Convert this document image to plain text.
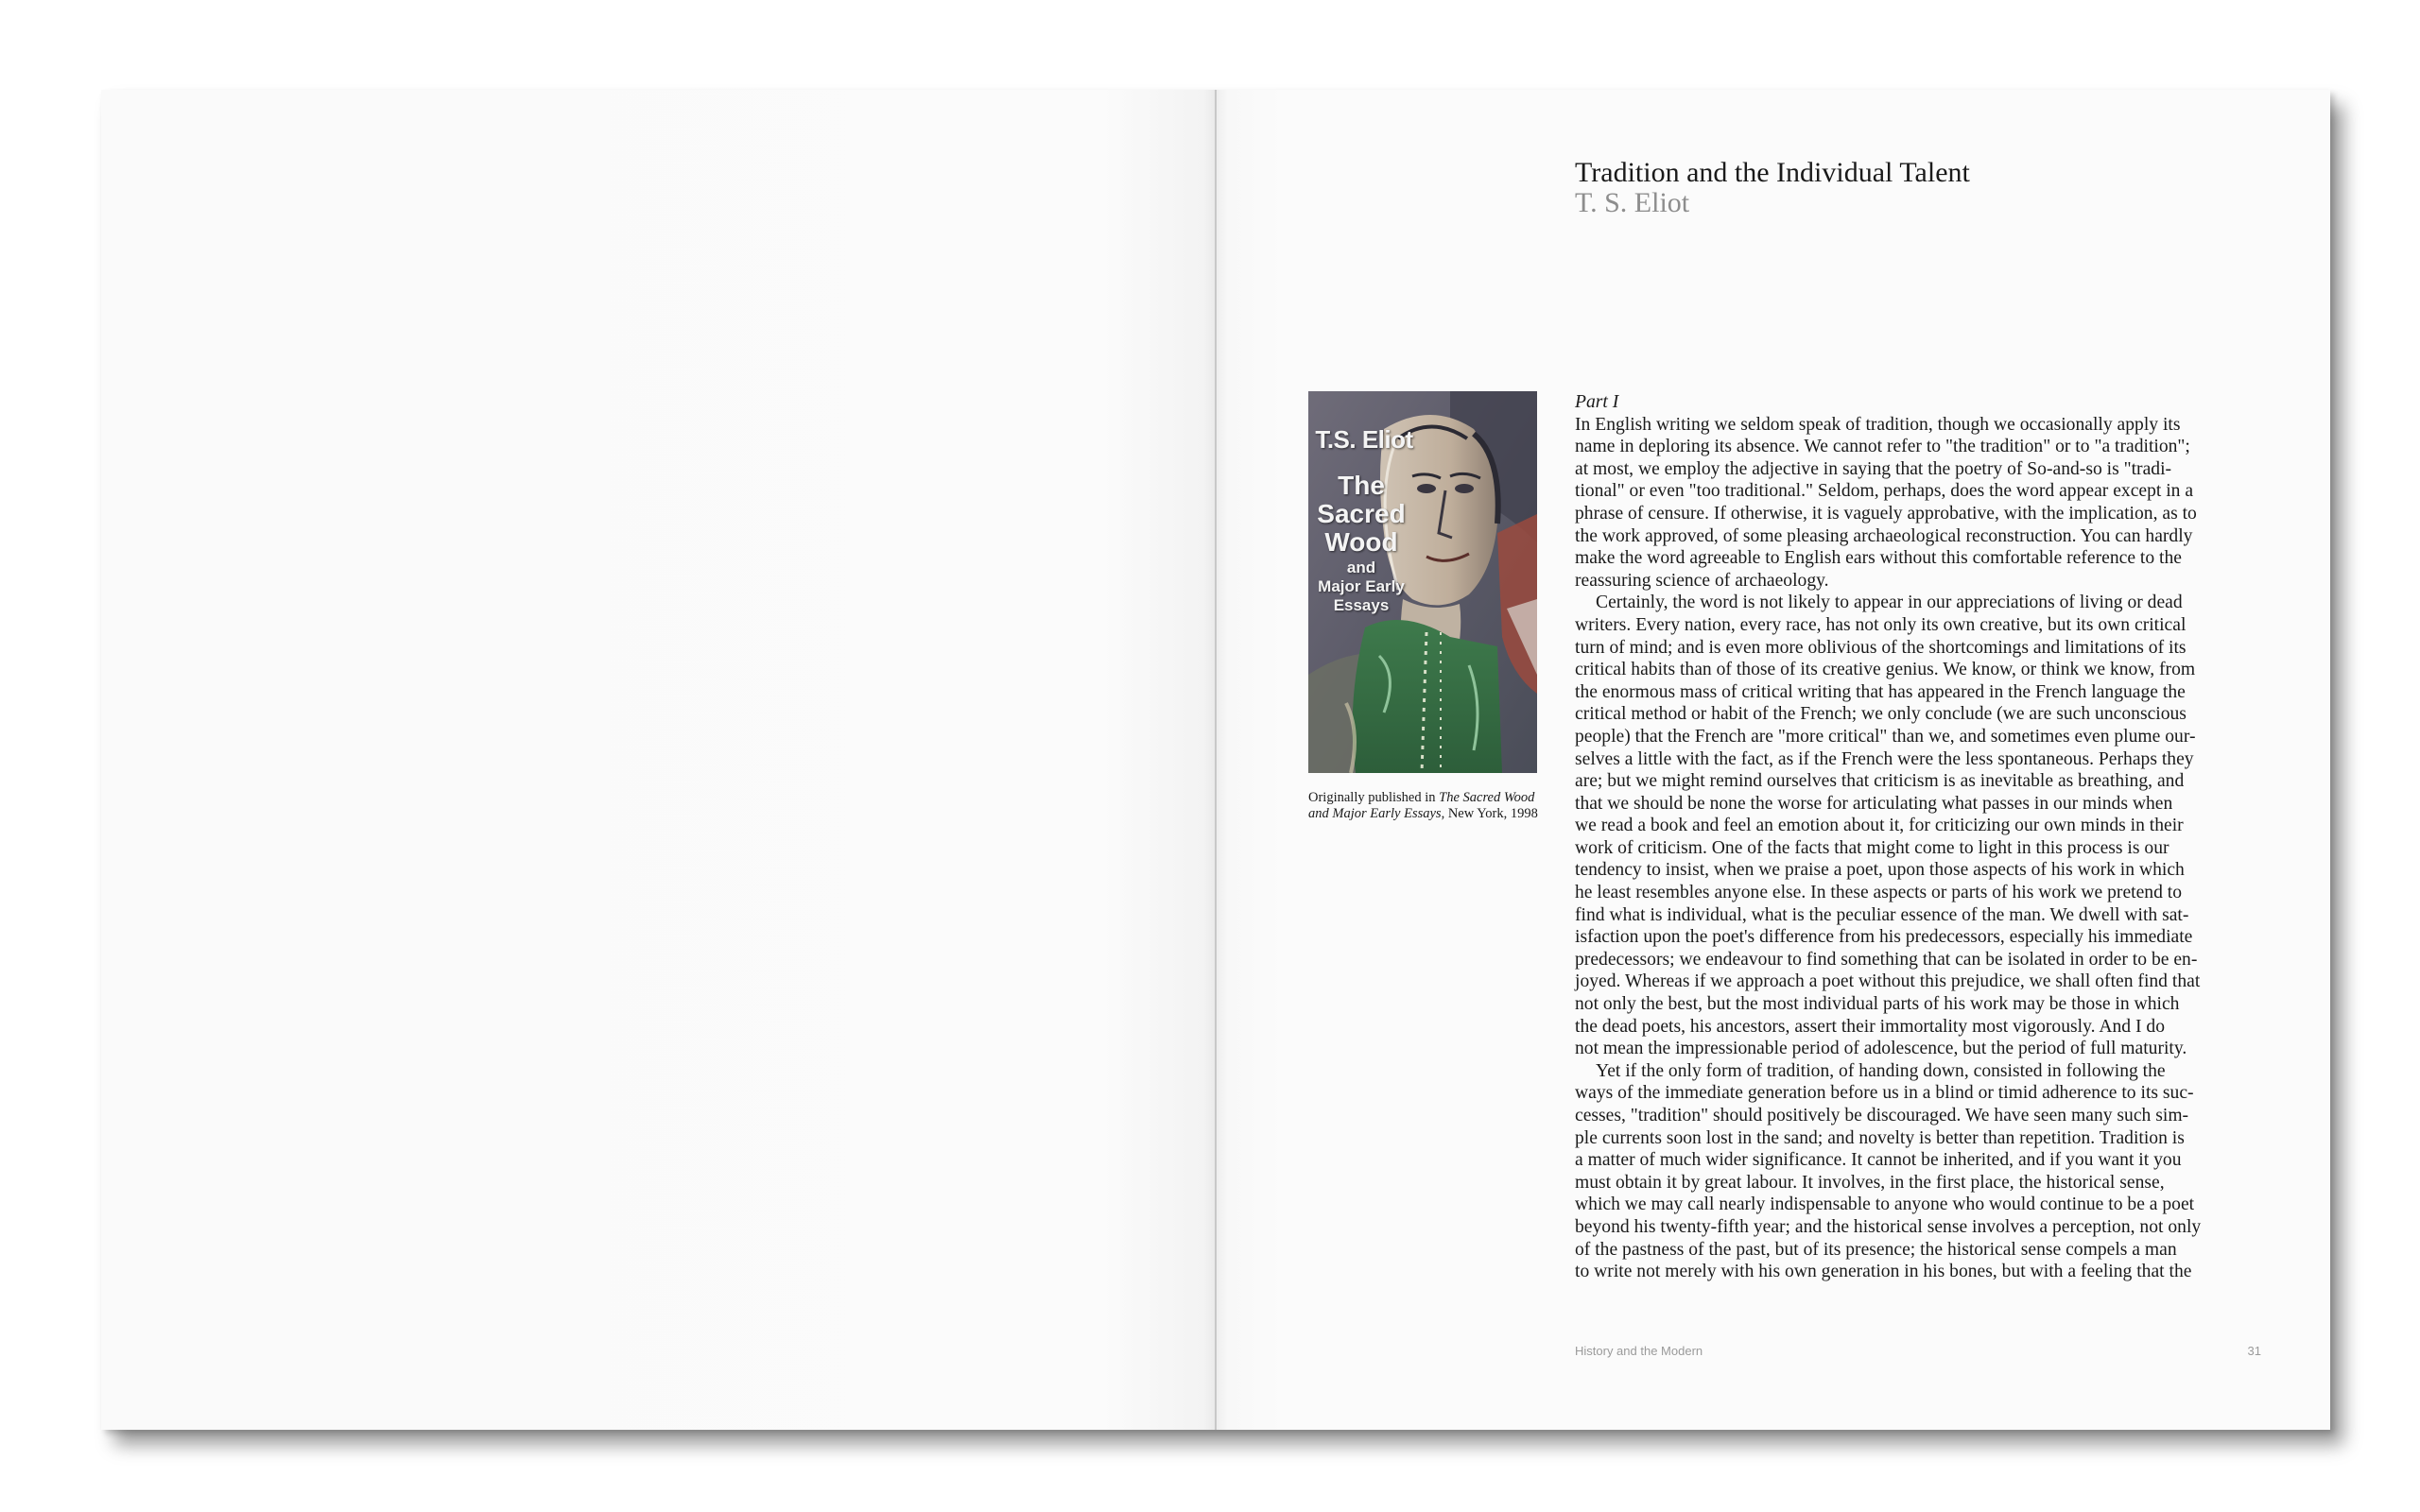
Tradition and the Individual Talent
T. S. Eliot
T.S. Eliot
The
Sacred
Wood
and
Major Early
Essays
Originally published in The Sacred Wood and Major Early Essays, New York, 1998
Part I
In English writing we seldom speak of tradition, though we occasionally apply its
name in deploring its absence. We cannot refer to "the tradition" or to "a tradition";
at most, we employ the adjective in saying that the poetry of So-and-so is "tradi-
tional" or even "too traditional." Seldom, perhaps, does the word appear except in a
phrase of censure. If otherwise, it is vaguely approbative, with the implication, as to
the work approved, of some pleasing archaeological reconstruction. You can hardly
make the word agreeable to English ears without this comfortable reference to the
reassuring science of archaeology.
Certainly, the word is not likely to appear in our appreciations of living or dead
writers. Every nation, every race, has not only its own creative, but its own critical
turn of mind; and is even more oblivious of the shortcomings and limitations of its
critical habits than of those of its creative genius. We know, or think we know, from
the enormous mass of critical writing that has appeared in the French language the
critical method or habit of the French; we only conclude (we are such unconscious
people) that the French are "more critical" than we, and sometimes even plume our-
selves a little with the fact, as if the French were the less spontaneous. Perhaps they
are; but we might remind ourselves that criticism is as inevitable as breathing, and
that we should be none the worse for articulating what passes in our minds when
we read a book and feel an emotion about it, for criticizing our own minds in their
work of criticism. One of the facts that might come to light in this process is our
tendency to insist, when we praise a poet, upon those aspects of his work in which
he least resembles anyone else. In these aspects or parts of his work we pretend to
find what is individual, what is the peculiar essence of the man. We dwell with sat-
isfaction upon the poet's difference from his predecessors, especially his immediate
predecessors; we endeavour to find something that can be isolated in order to be en-
joyed. Whereas if we approach a poet without this prejudice, we shall often find that
not only the best, but the most individual parts of his work may be those in which
the dead poets, his ancestors, assert their immortality most vigorously. And I do
not mean the impressionable period of adolescence, but the period of full maturity.
Yet if the only form of tradition, of handing down, consisted in following the
ways of the immediate generation before us in a blind or timid adherence to its suc-
cesses, "tradition" should positively be discouraged. We have seen many such sim-
ple currents soon lost in the sand; and novelty is better than repetition. Tradition is
a matter of much wider significance. It cannot be inherited, and if you want it you
must obtain it by great labour. It involves, in the first place, the historical sense,
which we may call nearly indispensable to anyone who would continue to be a poet
beyond his twenty-fifth year; and the historical sense involves a perception, not only
of the pastness of the past, but of its presence; the historical sense compels a man
to write not merely with his own generation in his bones, but with a feeling that the
History and the Modern	31
